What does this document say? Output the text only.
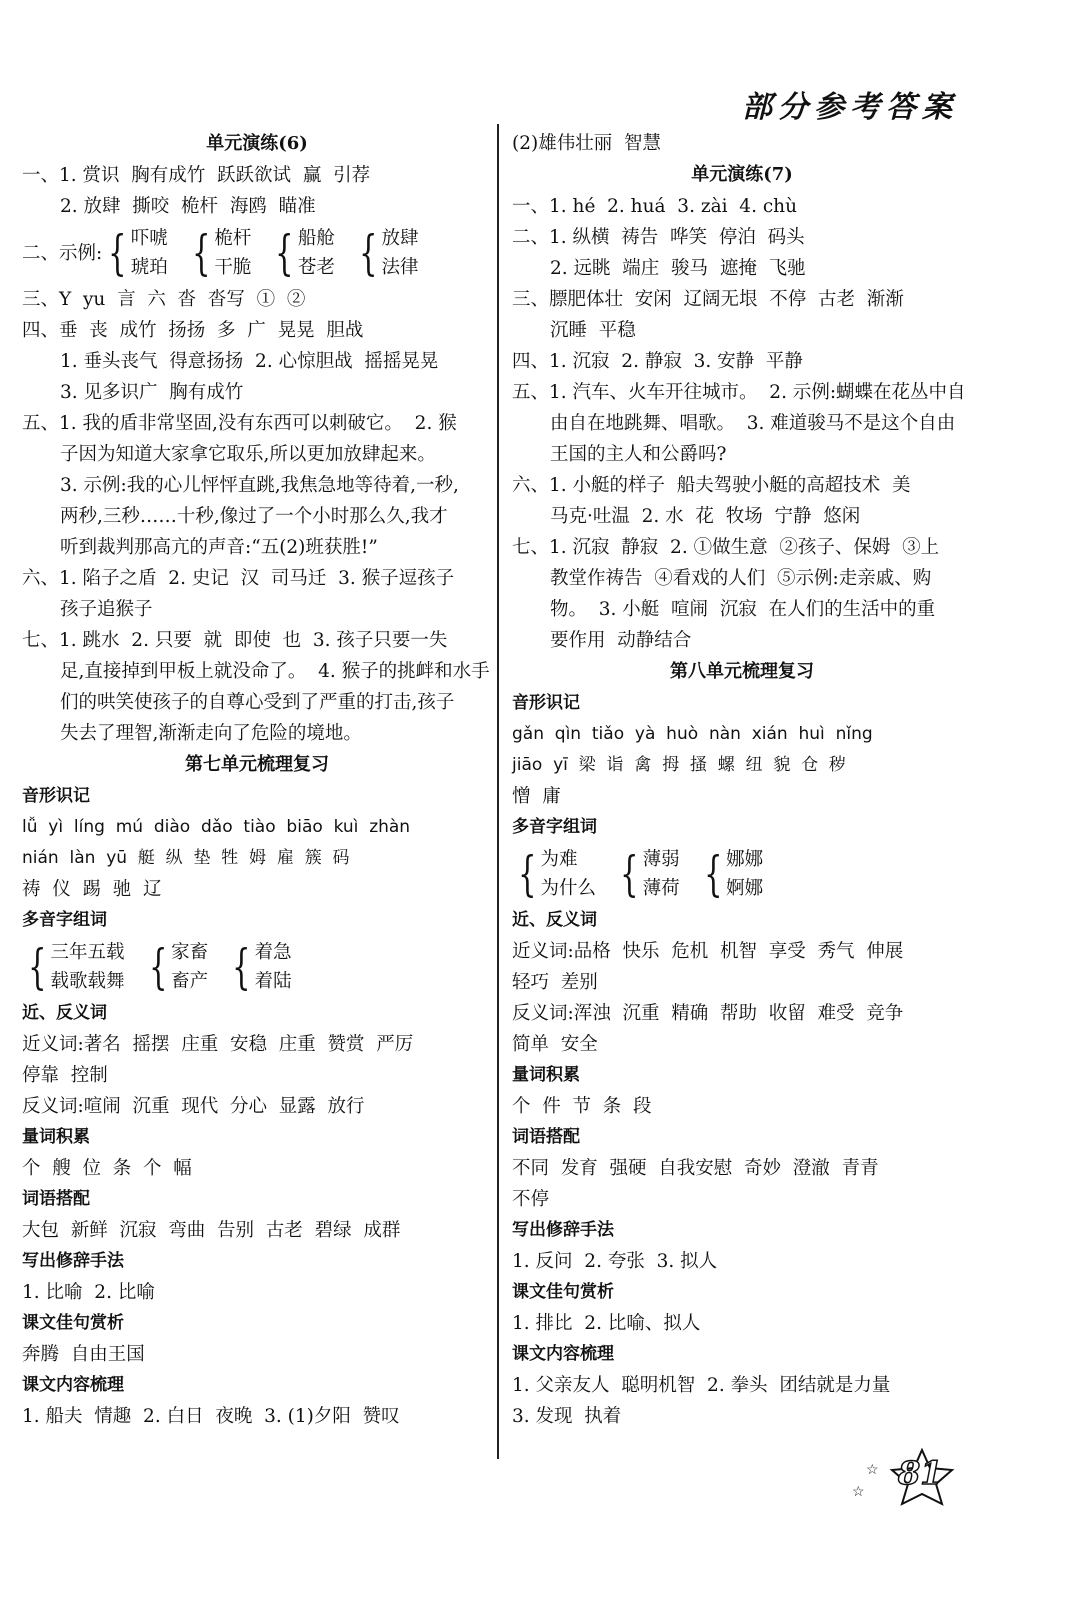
部分参考答案
单元演练(6)
一、1. 赏识  胸有成竹  跃跃欲试  赢  引荐
2. 放肆  撕咬  桅杆  海鸥  瞄准
二、示例: { 吓唬
琥珀 { 桅杆
干脆 { 船舱
苍老 { 放肆
法律
三、Y  yu  言  六  沓  沓写  ①  ②
四、垂  丧  成竹  扬扬  多  广  晃晃  胆战
1. 垂头丧气  得意扬扬  2. 心惊胆战  摇摇晃晃
3. 见多识广  胸有成竹
五、1. 我的盾非常坚固,没有东西可以刺破它。  2. 猴
子因为知道大家拿它取乐,所以更加放肆起来。
3. 示例:我的心儿怦怦直跳,我焦急地等待着,一秒,
两秒,三秒……十秒,像过了一个小时那么久,我才
听到裁判那高亢的声音:“五(2)班获胜!”
六、1. 陷子之盾  2. 史记  汉  司马迁  3. 猴子逗孩子
孩子追猴子
七、1. 跳水  2. 只要  就  即使  也  3. 孩子只要一失
足,直接掉到甲板上就没命了。  4. 猴子的挑衅和水手
们的哄笑使孩子的自尊心受到了严重的打击,孩子
失去了理智,渐渐走向了危险的境地。
第七单元梳理复习
音形识记
lǚ  yì  líng  mú  diào  dǎo  tiào  biāo  kuì  zhàn
nián  làn  yū  艇  纵  垫  牲  姆  雇  簇  码
祷  仪  踢  驰  辽
多音字组词
{ 三年五载
载歌载舞 { 家畜
畜产 { 着急
着陆
近、反义词
近义词:著名  摇摆  庄重  安稳  庄重  赞赏  严厉
停靠  控制
反义词:喧闹  沉重  现代  分心  显露  放行
量词积累
个  艘  位  条  个  幅
词语搭配
大包  新鲜  沉寂  弯曲  告别  古老  碧绿  成群
写出修辞手法
1. 比喻  2. 比喻
课文佳句赏析
奔腾  自由王国
课文内容梳理
1. 船夫  情趣  2. 白日  夜晚  3. (1)夕阳  赞叹
(2)雄伟壮丽  智慧
单元演练(7)
一、1. hé  2. huá  3. zài  4. chù
二、1. 纵横  祷告  哗笑  停泊  码头
2. 远眺  端庄  骏马  遮掩  飞驰
三、膘肥体壮  安闲  辽阔无垠  不停  古老  渐渐
沉睡  平稳
四、1. 沉寂  2. 静寂  3. 安静  平静
五、1. 汽车、火车开往城市。  2. 示例:蝴蝶在花丛中自
由自在地跳舞、唱歌。  3. 难道骏马不是这个自由
王国的主人和公爵吗?
六、1. 小艇的样子  船夫驾驶小艇的高超技术  美
马克·吐温  2. 水  花  牧场  宁静  悠闲
七、1. 沉寂  静寂  2. ①做生意  ②孩子、保姆  ③上
教堂作祷告  ④看戏的人们  ⑤示例:走亲戚、购
物。  3. 小艇  喧闹  沉寂  在人们的生活中的重
要作用  动静结合
第八单元梳理复习
音形识记
gǎn  qìn  tiǎo  yà  huò  nàn  xián  huì  nǐng
jiāo  yī  梁  诣  禽  拇  搔  螺  纽  貌  仓  秽
憎  庸
多音字组词
{ 为难
为什么 { 薄弱
薄荷 { 娜娜
婀娜
近、反义词
近义词:品格  快乐  危机  机智  享受  秀气  伸展
轻巧  差别
反义词:浑浊  沉重  精确  帮助  收留  难受  竞争
简单  安全
量词积累
个  件  节  条  段
词语搭配
不同  发育  强硬  自我安慰  奇妙  澄澈  青青
不停
写出修辞手法
1. 反问  2. 夸张  3. 拟人
课文佳句赏析
1. 排比  2. 比喻、拟人
课文内容梳理
1. 父亲友人  聪明机智  2. 拳头  团结就是力量
3. 发现  执着
81
☆
☆
